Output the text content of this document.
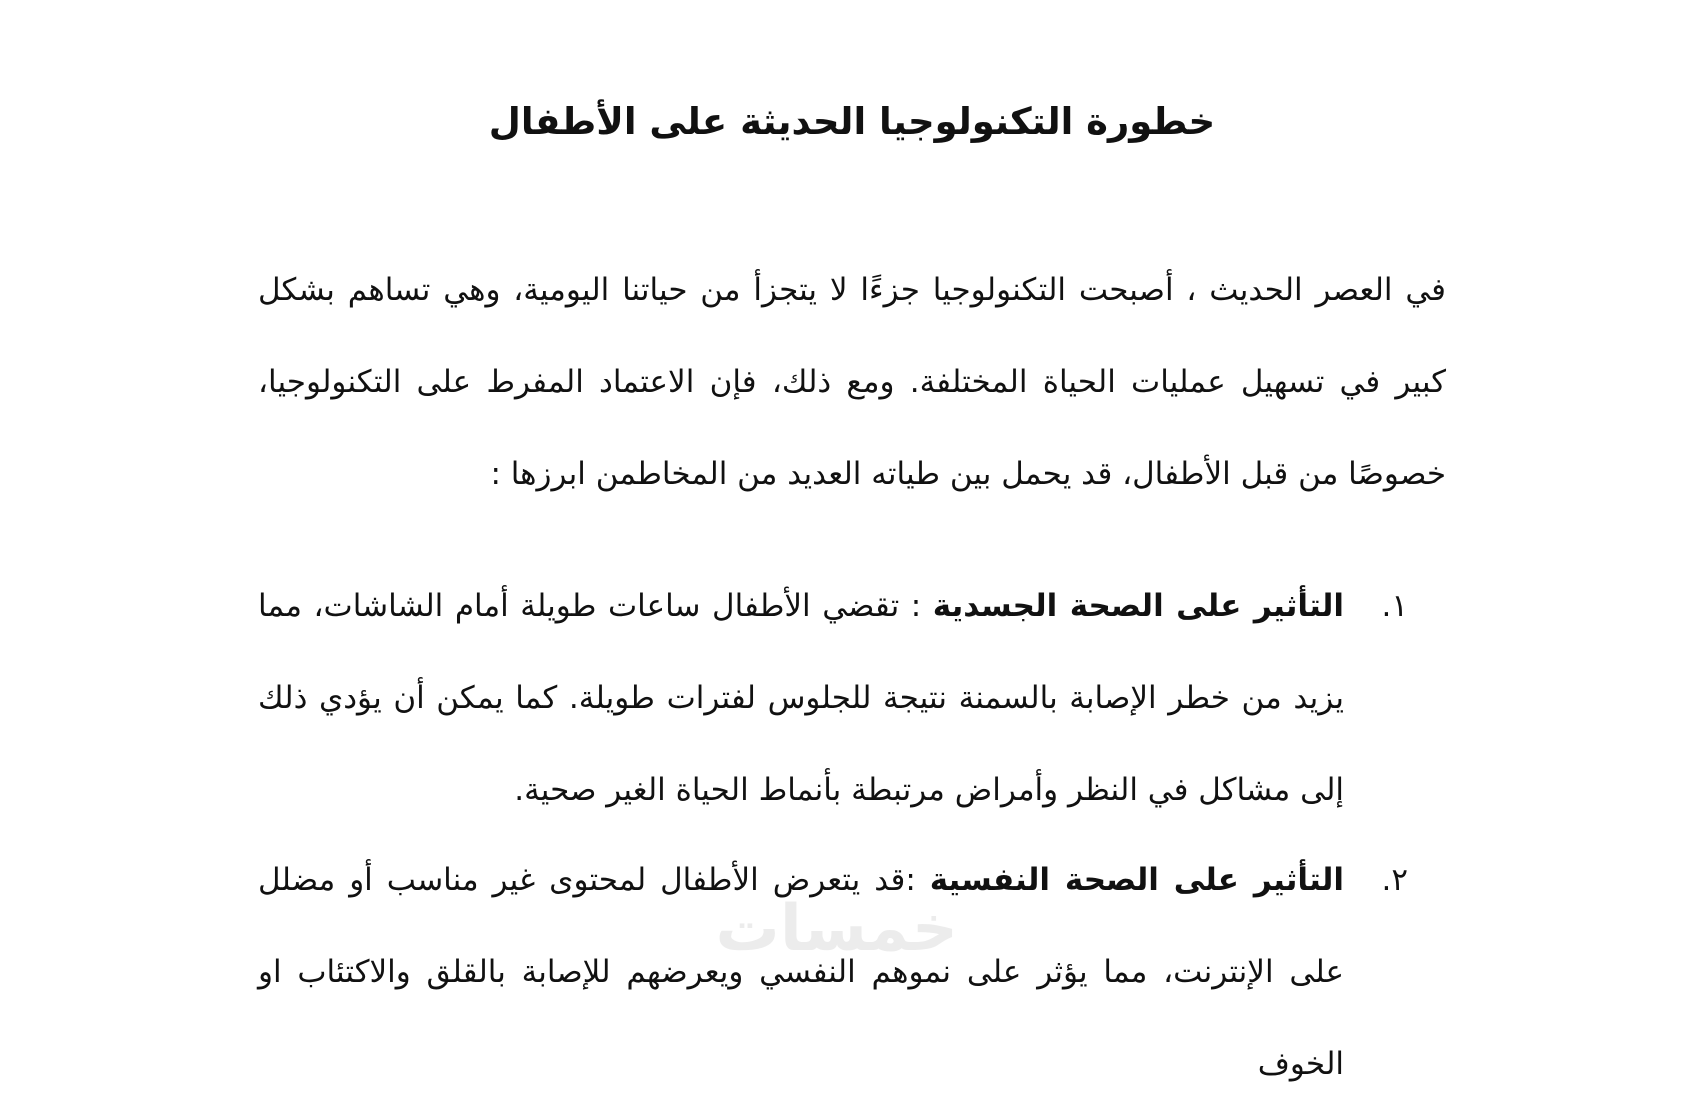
خطورة التكنولوجيا الحديثة على الأطفال

في العصر الحديث ، أصبحت التكنولوجيا جزءًا لا يتجزأ من حياتنا اليومية، وهي تساهم بشكل كبير في تسهيل عمليات الحياة المختلفة. ومع ذلك، فإن الاعتماد المفرط على التكنولوجيا، خصوصًا من قبل الأطفال، قد يحمل بين طياته العديد من المخاطمن ابرزها :

١.
التأثير على الصحة الجسدية : تقضي الأطفال ساعات طويلة أمام الشاشات، مما يزيد من خطر الإصابة بالسمنة نتيجة للجلوس لفترات طويلة. كما يمكن أن يؤدي ذلك إلى مشاكل في النظر وأمراض مرتبطة بأنماط الحياة الغير صحية.
٢.
التأثير على الصحة النفسية :قد يتعرض الأطفال لمحتوى غير مناسب أو مضلل على الإنترنت، مما يؤثر على نموهم النفسي ويعرضهم للإصابة بالقلق والاكتئاب او الخوف
خمسات
